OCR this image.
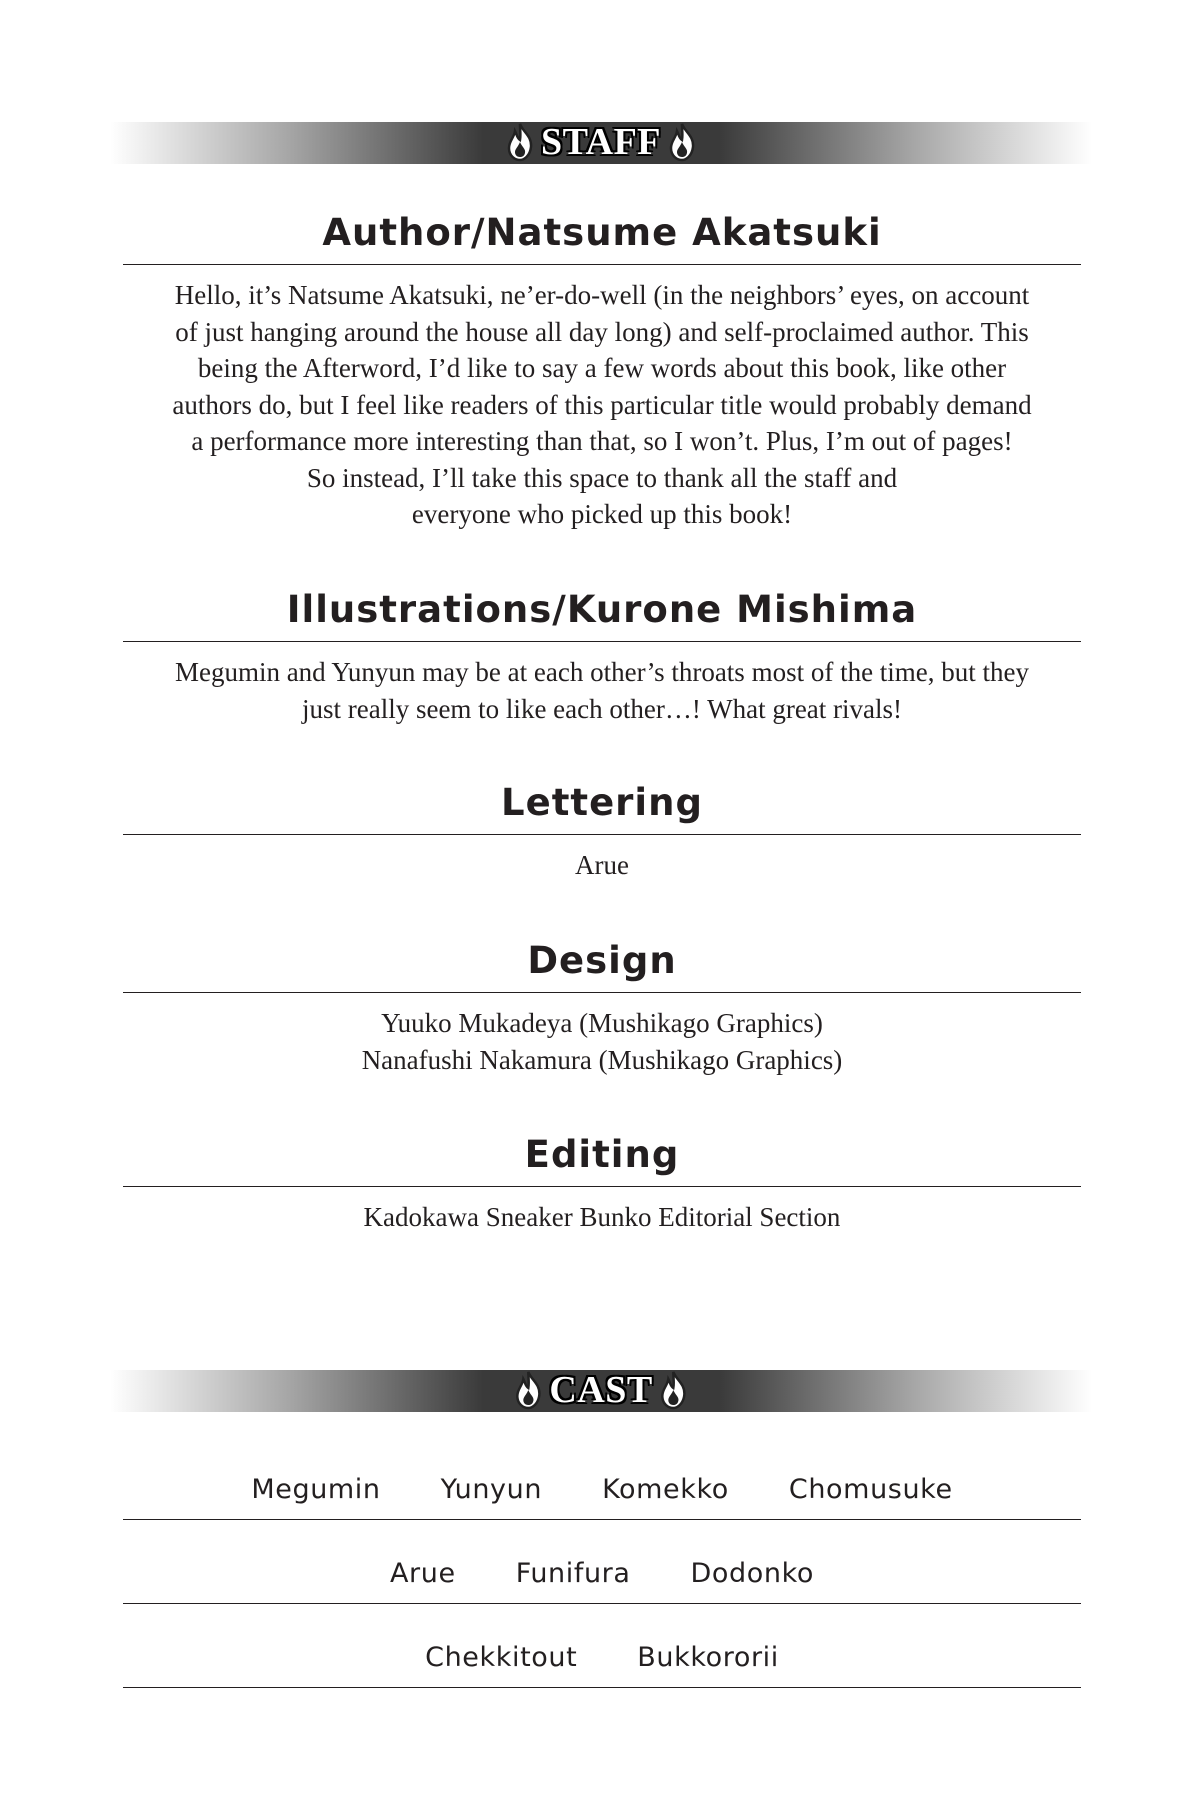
STAFF
Author/Natsume Akatsuki

Hello, it’s Natsume Akatsuki, ne’er-do-well (in the neighbors’ eyes, on account

of just hanging around the house all day long) and self-proclaimed author. This

being the Afterword, I’d like to say a few words about this book, like other

authors do, but I feel like readers of this particular title would probably demand

a performance more interesting than that, so I won’t. Plus, I’m out of pages!

So instead, I’ll take this space to thank all the staff and

everyone who picked up this book!

Illustrations/Kurone Mishima

Megumin and Yunyun may be at each other’s throats most of the time, but they

just really seem to like each other…! What great rivals!

Lettering

Arue

Design

Yuuko Mukadeya (Mushikago Graphics)

Nanafushi Nakamura (Mushikago Graphics)

Editing

Kadokawa Sneaker Bunko Editorial Section

CAST
Megumin Yunyun Komekko Chomusuke
Arue Funifura Dodonko
Chekkitout Bukkororii
